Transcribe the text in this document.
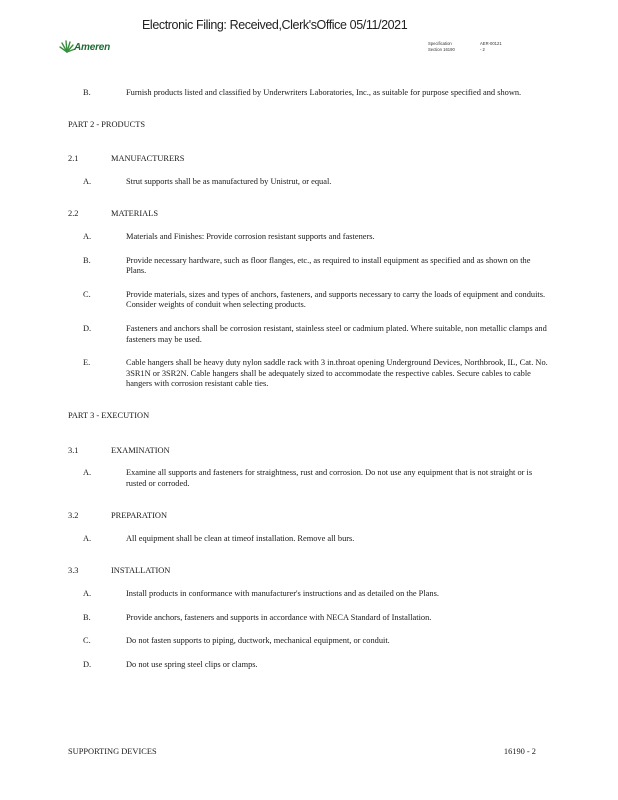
Electronic Filing: Received,Clerk'sOffice 05/11/2021
Ameren	Specification	AER-00121
Section 16190	- 2
B.	Furnish products listed and classified by Underwriters Laboratories, Inc., as suitable for purpose specified and shown.
PART 2 - PRODUCTS
2.1	MANUFACTURERS
A.	Strut supports shall be as manufactured by Unistrut, or equal.
2.2	MATERIALS
A.	Materials and Finishes: Provide corrosion resistant supports and fasteners.
B.	Provide necessary hardware, such as floor flanges, etc., as required to install equipment as specified and as shown on the Plans.
C.	Provide materials, sizes and types of anchors, fasteners, and supports necessary to carry the loads of equipment and conduits. Consider weights of conduit when selecting products.
D.	Fasteners and anchors shall be corrosion resistant, stainless steel or cadmium plated. Where suitable, non metallic clamps and fasteners may be used.
E.	Cable hangers shall be heavy duty nylon saddle rack with 3 in.throat opening Underground Devices, Northbrook, IL, Cat. No. 3SR1N or 3SR2N. Cable hangers shall be adequately sized to accommodate the respective cables. Secure cables to cable hangers with corrosion resistant cable ties.
PART 3 - EXECUTION
3.1	EXAMINATION
A.	Examine all supports and fasteners for straightness, rust and corrosion. Do not use any equipment that is not straight or is rusted or corroded.
3.2	PREPARATION
A.	All equipment shall be clean at timeof installation. Remove all burs.
3.3	INSTALLATION
A.	Install products in conformance with manufacturer's instructions and as detailed on the Plans.
B.	Provide anchors, fasteners and supports in accordance with NECA Standard of Installation.
C.	Do not fasten supports to piping, ductwork, mechanical equipment, or conduit.
D.	Do not use spring steel clips or clamps.
SUPPORTING DEVICES	16190 - 2
